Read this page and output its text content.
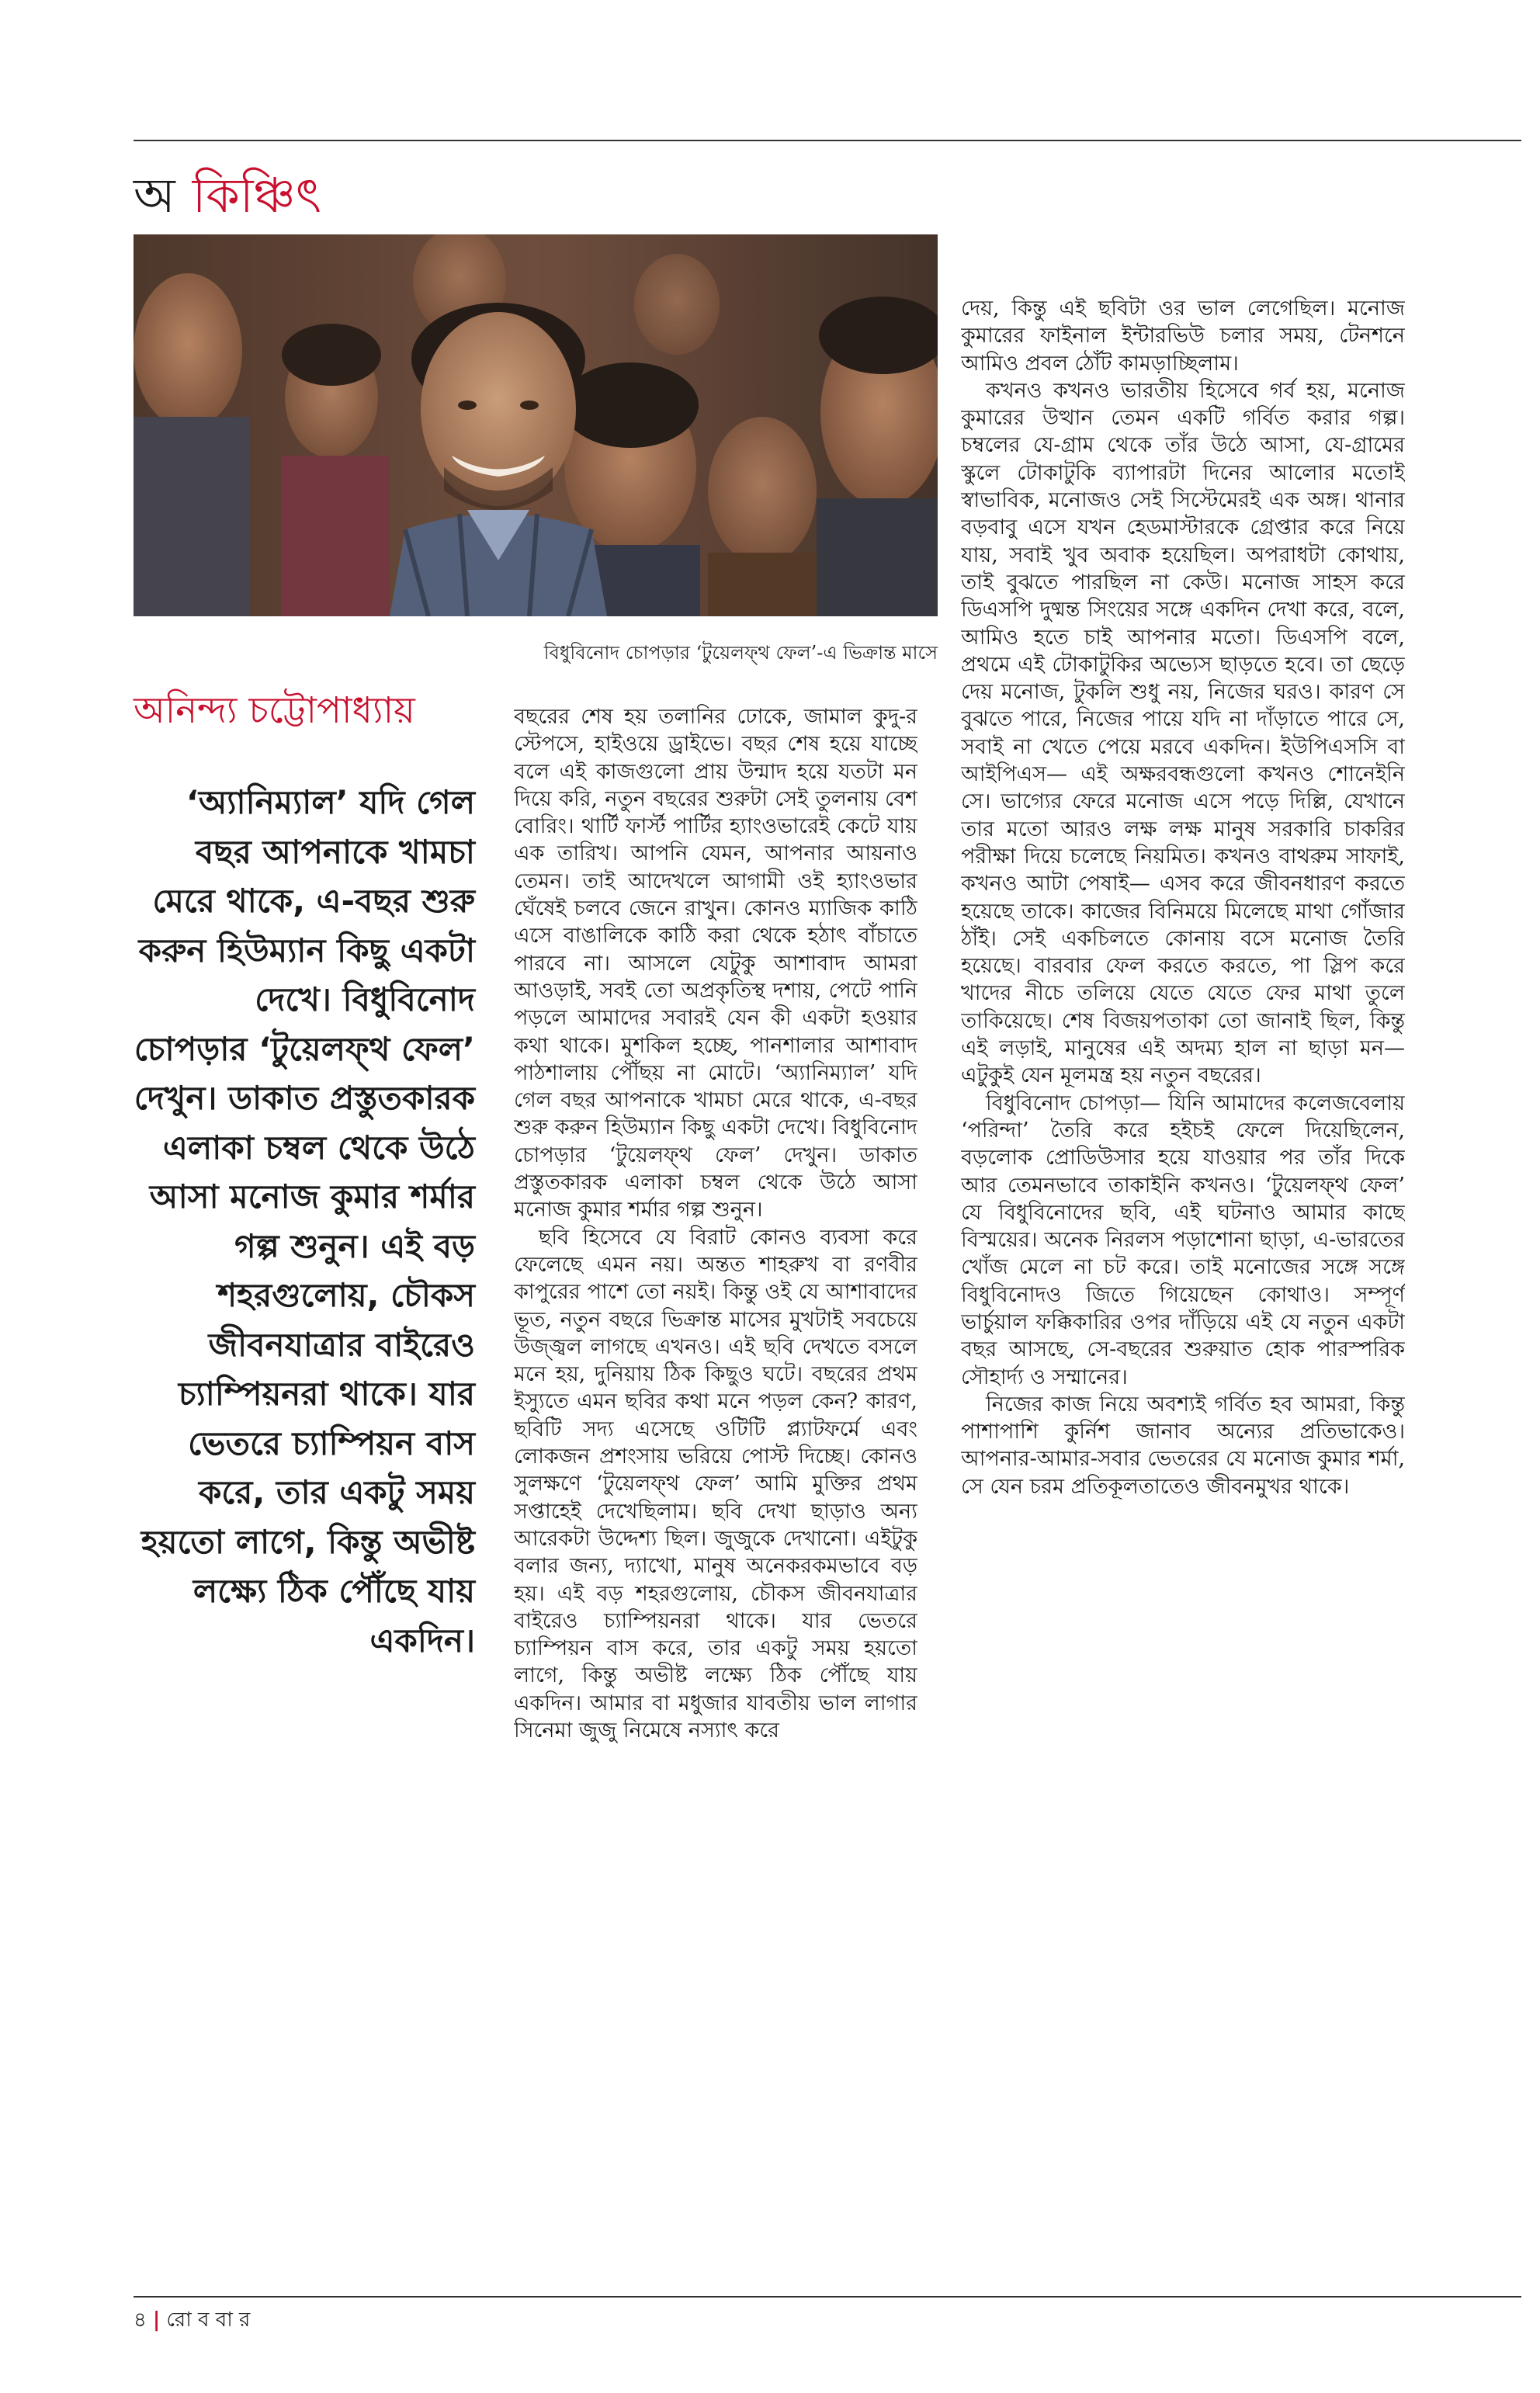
অ কিঞ্চিৎ
বিধুবিনোদ চোপড়ার ‘টুয়েলফ্‌থ ফেল’-এ ভিক্রান্ত মাসে
অনিন্দ্য চট্টোপাধ্যায়

‘অ্যানিম্যাল’ যদি গেল বছর আপনাকে খামচা মেরে থাকে, এ-বছর শুরু করুন হিউম্যান কিছু একটা দেখে। বিধুবিনোদ চোপড়ার ‘টুয়েলফ্‌থ ফেল’ দেখুন। ডাকাত প্রস্তুতকারক এলাকা চম্বল থেকে উঠে আসা মনোজ কুমার শর্মার গল্প শুনুন। এই বড় শহরগুলোয়, চৌকস জীবনযাত্রার বাইরেও চ্যাম্পিয়নরা থাকে। যার ভেতরে চ্যাম্পিয়ন বাস করে, তার একটু সময় হয়তো লাগে, কিন্তু অভীষ্ট লক্ষ্যে ঠিক পৌঁছে যায় একদিন।

বছরের শেষ হয় তলানির ঢোকে, জামাল কুদু-র স্টেপসে, হাইওয়ে ড্রাইভে। বছর শেষ হয়ে যাচ্ছে বলে এই কাজগুলো প্রায় উন্মাদ হয়ে যতটা মন দিয়ে করি, নতুন বছরের শুরুটা সেই তুলনায় বেশ বোরিং। থার্টি ফার্স্ট পার্টির হ্যাংওভারেই কেটে যায় এক তারিখ। আপনি যেমন, আপনার আয়নাও তেমন। তাই আদেখলে আগামী ওই হ্যাংওভার ঘেঁষেই চলবে জেনে রাখুন। কোনও ম্যাজিক কাঠি এসে বাঙালিকে কাঠি করা থেকে হঠাৎ বাঁচাতে পারবে না। আসলে যেটুকু আশাবাদ আমরা আওড়াই, সবই তো অপ্রকৃতিস্থ দশায়, পেটে পানি পড়লে আমাদের সবারই যেন কী একটা হওয়ার কথা থাকে। মুশকিল হচ্ছে, পানশালার আশাবাদ পাঠশালায় পৌঁছয় না মোটে। ‘অ্যানিম্যাল’ যদি গেল বছর আপনাকে খামচা মেরে থাকে, এ-বছর শুরু করুন হিউম্যান কিছু একটা দেখে। বিধুবিনোদ চোপড়ার ‘টুয়েলফ্‌থ ফেল’ দেখুন। ডাকাত প্রস্তুতকারক এলাকা চম্বল থেকে উঠে আসা মনোজ কুমার শর্মার গল্প শুনুন।

ছবি হিসেবে যে বিরাট কোনও ব্যবসা করে ফেলেছে এমন নয়। অন্তত শাহরুখ বা রণবীর কাপুরের পাশে তো নয়ই। কিন্তু ওই যে আশাবাদের ভূত, নতুন বছরে ভিক্রান্ত মাসের মুখটাই সবচেয়ে উজ্জ্বল লাগছে এখনও। এই ছবি দেখতে বসলে মনে হয়, দুনিয়ায় ঠিক কিছুও ঘটে। বছরের প্রথম ইস্যুতে এমন ছবির কথা মনে পড়ল কেন? কারণ, ছবিটি সদ্য এসেছে ওটিটি প্ল্যাটফর্মে এবং লোকজন প্রশংসায় ভরিয়ে পোস্ট দিচ্ছে। কোনও সুলক্ষণে ‘টুয়েলফ্‌থ ফেল’ আমি মুক্তির প্রথম সপ্তাহেই দেখেছিলাম। ছবি দেখা ছাড়াও অন্য আরেকটা উদ্দেশ্য ছিল। জুজুকে দেখানো। এইটুকু বলার জন্য, দ্যাখো, মানুষ অনেকরকমভাবে বড় হয়। এই বড় শহরগুলোয়, চৌকস জীবনযাত্রার বাইরেও চ্যাম্পিয়নরা থাকে। যার ভেতরে চ্যাম্পিয়ন বাস করে, তার একটু সময় হয়তো লাগে, কিন্তু অভীষ্ট লক্ষ্যে ঠিক পৌঁছে যায় একদিন। আমার বা মধুজার যাবতীয় ভাল লাগার সিনেমা জুজু নিমেষে নস্যাৎ করে

দেয়, কিন্তু এই ছবিটা ওর ভাল লেগেছিল। মনোজ কুমারের ফাইনাল ইন্টারভিউ চলার সময়, টেনশনে আমিও প্রবল ঠোঁট কামড়াচ্ছিলাম।

কখনও কখনও ভারতীয় হিসেবে গর্ব হয়, মনোজ কুমারের উত্থান তেমন একটি গর্বিত করার গল্প। চম্বলের যে-গ্রাম থেকে তাঁর উঠে আসা, যে-গ্রামের স্কুলে টোকাটুকি ব্যাপারটা দিনের আলোর মতোই স্বাভাবিক, মনোজও সেই সিস্টেমেরই এক অঙ্গ। থানার বড়বাবু এসে যখন হেডমাস্টারকে গ্রেপ্তার করে নিয়ে যায়, সবাই খুব অবাক হয়েছিল। অপরাধটা কোথায়, তাই বুঝতে পারছিল না কেউ। মনোজ সাহস করে ডিএসপি দুষ্মন্ত সিংয়ের সঙ্গে একদিন দেখা করে, বলে, আমিও হতে চাই আপনার মতো। ডিএসপি বলে, প্রথমে এই টোকাটুকির অভ্যেস ছাড়তে হবে। তা ছেড়ে দেয় মনোজ, টুকলি শুধু নয়, নিজের ঘরও। কারণ সে বুঝতে পারে, নিজের পায়ে যদি না দাঁড়াতে পারে সে, সবাই না খেতে পেয়ে মরবে একদিন। ইউপিএসসি বা আইপিএস— এই অক্ষরবন্ধগুলো কখনও শোনেইনি সে। ভাগ্যের ফেরে মনোজ এসে পড়ে দিল্লি, যেখানে তার মতো আরও লক্ষ লক্ষ মানুষ সরকারি চাকরির পরীক্ষা দিয়ে চলেছে নিয়মিত। কখনও বাথরুম সাফাই, কখনও আটা পেষাই— এসব করে জীবনধারণ করতে হয়েছে তাকে। কাজের বিনিময়ে মিলেছে মাথা গোঁজার ঠাঁই। সেই একচিলতে কোনায় বসে মনোজ তৈরি হয়েছে। বারবার ফেল করতে করতে, পা স্লিপ করে খাদের নীচে তলিয়ে যেতে যেতে ফের মাথা তুলে তাকিয়েছে। শেষ বিজয়পতাকা তো জানাই ছিল, কিন্তু এই লড়াই, মানুষের এই অদম্য হাল না ছাড়া মন— এটুকুই যেন মূলমন্ত্র হয় নতুন বছরের।

বিধুবিনোদ চোপড়া— যিনি আমাদের কলেজবেলায় ‘পরিন্দা’ তৈরি করে হইচই ফেলে দিয়েছিলেন, বড়লোক প্রোডিউসার হয়ে যাওয়ার পর তাঁর দিকে আর তেমনভাবে তাকাইনি কখনও। ‘টুয়েলফ্‌থ ফেল’ যে বিধুবিনোদের ছবি, এই ঘটনাও আমার কাছে বিস্ময়ের। অনেক নিরলস পড়াশোনা ছাড়া, এ-ভারতের খোঁজ মেলে না চট করে। তাই মনোজের সঙ্গে সঙ্গে বিধুবিনোদও জিতে গিয়েছেন কোথাও। সম্পূর্ণ ভার্চুয়াল ফক্কিকারির ওপর দাঁড়িয়ে এই যে নতুন একটা বছর আসছে, সে-বছরের শুরুয়াত হোক পারস্পরিক সৌহার্দ্য ও সম্মানের।

নিজের কাজ নিয়ে অবশ্যই গর্বিত হব আমরা, কিন্তু পাশাপাশি কুর্নিশ জানাব অন্যের প্রতিভাকেও। আপনার-আমার-সবার ভেতরের যে মনোজ কুমার শর্মা, সে যেন চরম প্রতিকূলতাতেও জীবনমুখর থাকে।

৪ | রো ব বা র
